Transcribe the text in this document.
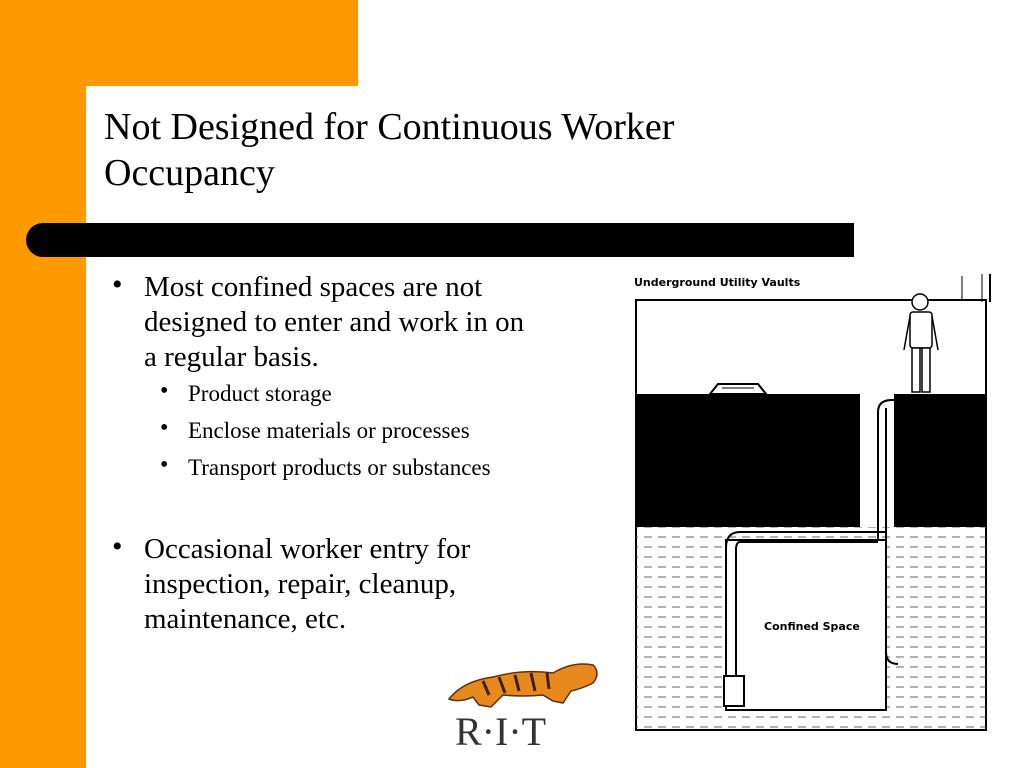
Not Designed for Continuous Worker
Occupancy
• Most confined spaces are not
designed to enter and work in on
a regular basis.
• Product storage
• Enclose materials or processes
• Transport products or substances
• Occasional worker entry for
inspection, repair, cleanup,
maintenance, etc.
Underground Utility Vaults
Confined Space
R·I·T
